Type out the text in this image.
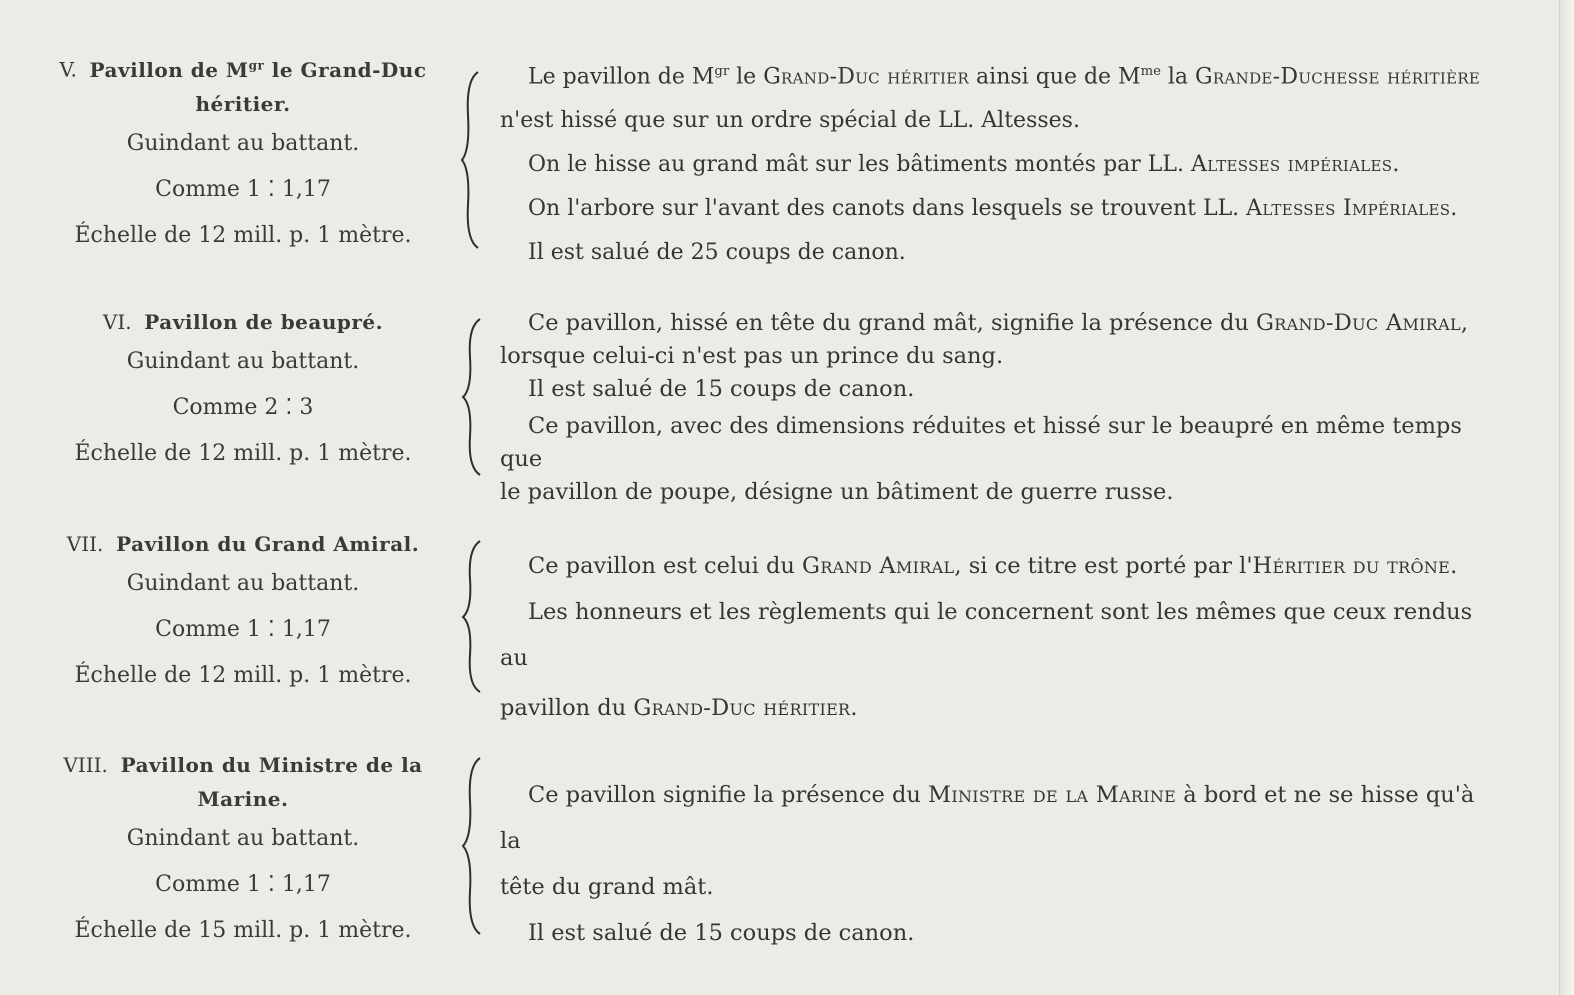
V. Pavillon de $M^{gr}$ le Grand-Duc
héritier.
Guindant au battant.
Comme 1 ⁚ 1,17
Échelle de 12 mill. p. 1 mètre.

Le pavillon de $M^{gr}$ le Grand-Duc héritier ainsi que de $M^{me}$ la Grande-Duchesse héritière

n'est hissé que sur un ordre spécial de LL. Altesses.

On le hisse au grand mât sur les bâtiments montés par LL. Altesses impériales.

On l'arbore sur l'avant des canots dans lesquels se trouvent LL. Altesses Impériales.

Il est salué de 25 coups de canon.

VI. Pavillon de beaupré.
Guindant au battant.
Comme 2 ⁚ 3
Échelle de 12 mill. p. 1 mètre.

Ce pavillon, hissé en tête du grand mât, signifie la présence du Grand-Duc Amiral,

lorsque celui-ci n'est pas un prince du sang.

Il est salué de 15 coups de canon.

Ce pavillon, avec des dimensions réduites et hissé sur le beaupré en même temps que

le pavillon de poupe, désigne un bâtiment de guerre russe.

VII. Pavillon du Grand Amiral.
Guindant au battant.
Comme 1 ⁚ 1,17
Échelle de 12 mill. p. 1 mètre.

Ce pavillon est celui du Grand Amiral, si ce titre est porté par l'Héritier du trône.

Les honneurs et les règlements qui le concernent sont les mêmes que ceux rendus au

pavillon du Grand-Duc héritier.

VIII. Pavillon du Ministre de la
Marine.
Gnindant au battant.
Comme 1 ⁚ 1,17
Échelle de 15 mill. p. 1 mètre.

Ce pavillon signifie la présence du Ministre de la Marine à bord et ne se hisse qu'à la

tête du grand mât.

Il est salué de 15 coups de canon.
